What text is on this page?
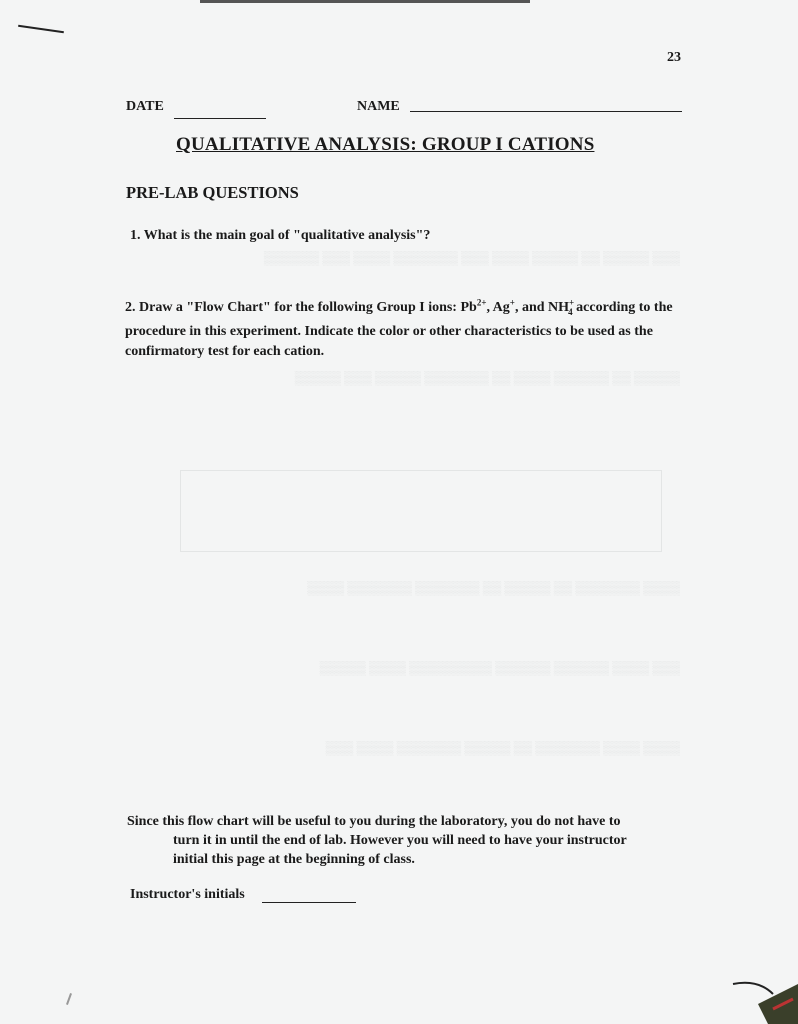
▒▒▒ ▒▒▒▒▒ ▒▒ ▒▒▒▒▒ ▒▒▒▒ ▒▒▒ ▒▒▒▒▒▒▒ ▒▒▒▒ ▒▒▒ ▒▒▒▒▒▒
▒▒▒▒▒ ▒▒ ▒▒▒▒▒▒ ▒▒▒▒ ▒▒ ▒▒▒▒▒▒▒ ▒▒▒▒▒ ▒▒▒ ▒▒▒▒▒
▒▒▒▒ ▒▒▒▒▒▒▒ ▒▒ ▒▒▒▒▒ ▒▒ ▒▒▒▒▒▒▒ ▒▒▒▒▒▒▒ ▒▒▒▒
▒▒▒ ▒▒▒▒ ▒▒▒▒▒▒ ▒▒▒▒▒▒ ▒▒▒▒▒▒▒▒▒ ▒▒▒▒ ▒▒▒▒▒
▒▒▒▒ ▒▒▒▒ ▒▒▒▒▒▒▒ ▒▒ ▒▒▒▒▒ ▒▒▒▒▒▒▒ ▒▒▒▒ ▒▒▒
23
DATE	NAME
QUALITATIVE ANALYSIS: GROUP I CATIONS
PRE-LAB QUESTIONS
1. What is the main goal of "qualitative analysis"?
2. Draw a "Flow Chart" for the following Group I ions: $Pb^{2+}$, Ag+, and $NH^+_4$ according to the procedure in this experiment. Indicate the color or other characteristics to be used as the confirmatory test for each cation.
Since this flow chart will be useful to you during the laboratory, you do not have to
turn it in until the end of lab. However you will need to have your instructor
initial this page at the beginning of class.
Instructor's initials
